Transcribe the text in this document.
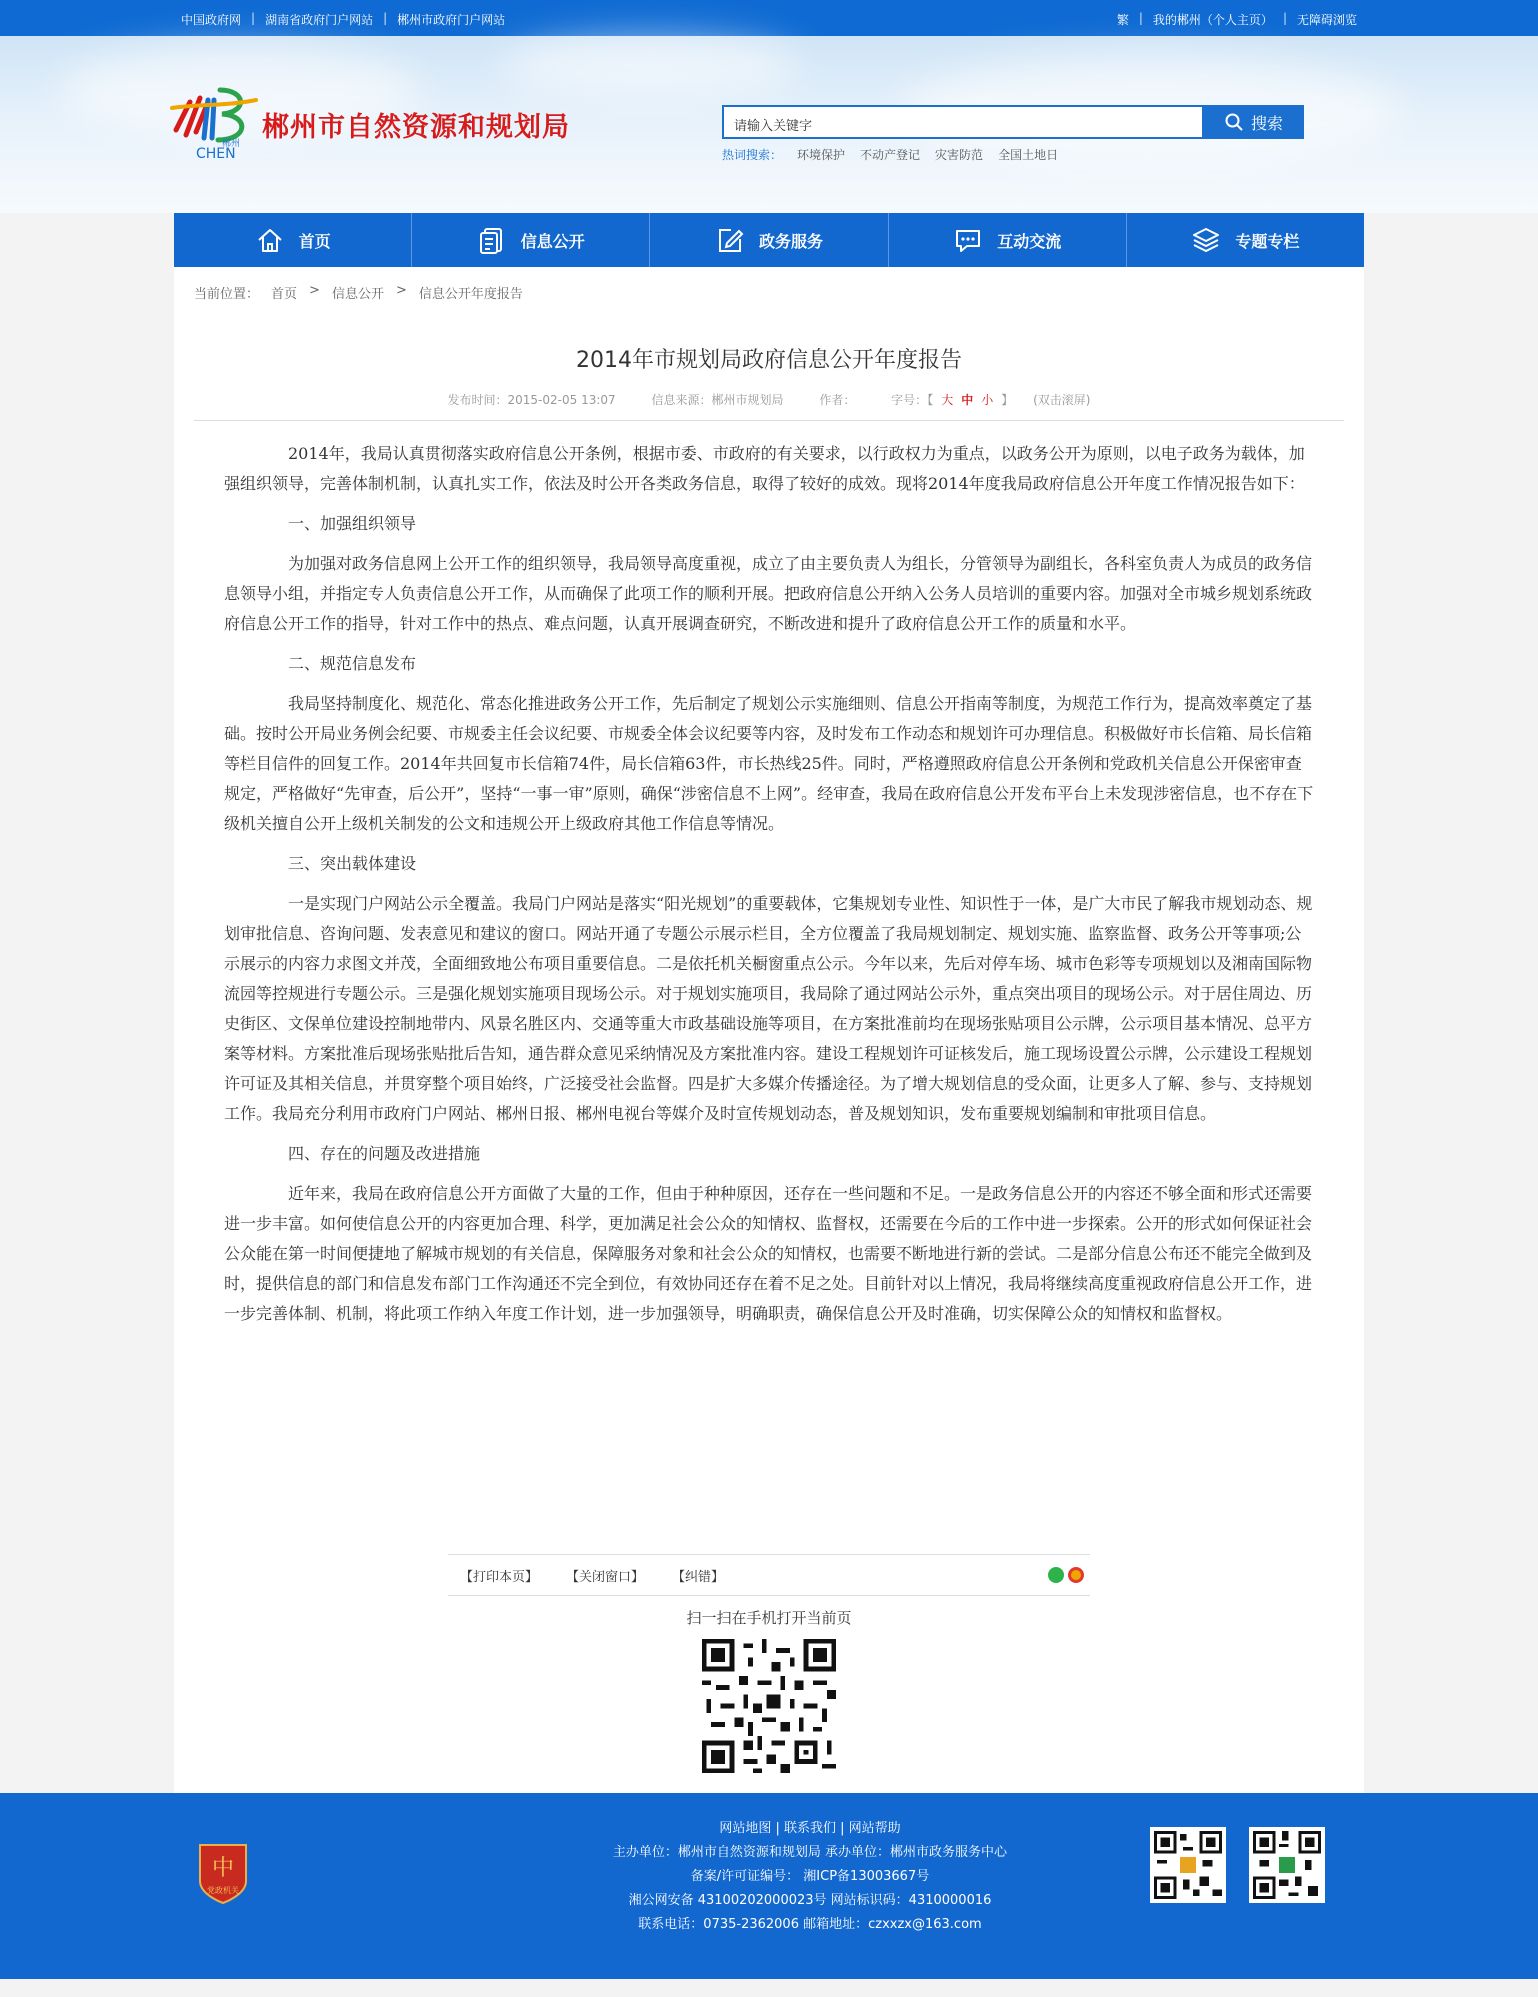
中国政府网 | 湖南省政府门户网站 | 郴州市政府门户网站	繁 | 我的郴州（个人主页） | 无障碍浏览
郴州
CHEN
郴州市自然资源和规划局	请输入关键字	搜索
热词搜索： 环境保护 不动产登记 灾害防范 全国土地日
首页	信息公开	政务服务	互动交流	专题专栏
当前位置： 首页 > 信息公开 > 信息公开年度报告
2014年市规划局政府信息公开年度报告
发布时间：2015-02-05 13:07	信息来源：郴州市规划局	作者：	字号：【 大 中 小 】 (双击滚屏)

2014年，我局认真贯彻落实政府信息公开条例，根据市委、市政府的有关要求，以行政权力为重点，以政务公开为原则，以电子政务为载体，加强组织领导，完善体制机制，认真扎实工作，依法及时公开各类政务信息，取得了较好的成效。现将2014年度我局政府信息公开年度工作情况报告如下：

一、加强组织领导

为加强对政务信息网上公开工作的组织领导，我局领导高度重视，成立了由主要负责人为组长，分管领导为副组长，各科室负责人为成员的政务信息领导小组，并指定专人负责信息公开工作，从而确保了此项工作的顺利开展。把政府信息公开纳入公务人员培训的重要内容。加强对全市城乡规划系统政府信息公开工作的指导，针对工作中的热点、难点问题，认真开展调查研究，不断改进和提升了政府信息公开工作的质量和水平。

二、规范信息发布

我局坚持制度化、规范化、常态化推进政务公开工作，先后制定了规划公示实施细则、信息公开指南等制度，为规范工作行为，提高效率奠定了基础。按时公开局业务例会纪要、市规委主任会议纪要、市规委全体会议纪要等内容，及时发布工作动态和规划许可办理信息。积极做好市长信箱、局长信箱等栏目信件的回复工作。2014年共回复市长信箱74件，局长信箱63件，市长热线25件。同时，严格遵照政府信息公开条例和党政机关信息公开保密审查规定，严格做好“先审查，后公开”，坚持“一事一审”原则，确保“涉密信息不上网”。经审查，我局在政府信息公开发布平台上未发现涉密信息，也不存在下级机关擅自公开上级机关制发的公文和违规公开上级政府其他工作信息等情况。

三、突出载体建设

一是实现门户网站公示全覆盖。我局门户网站是落实“阳光规划”的重要载体，它集规划专业性、知识性于一体，是广大市民了解我市规划动态、规划审批信息、咨询问题、发表意见和建议的窗口。网站开通了专题公示展示栏目，全方位覆盖了我局规划制定、规划实施、监察监督、政务公开等事项;公示展示的内容力求图文并茂，全面细致地公布项目重要信息。二是依托机关橱窗重点公示。今年以来，先后对停车场、城市色彩等专项规划以及湘南国际物流园等控规进行专题公示。三是强化规划实施项目现场公示。对于规划实施项目，我局除了通过网站公示外，重点突出项目的现场公示。对于居住周边、历史街区、文保单位建设控制地带内、风景名胜区内、交通等重大市政基础设施等项目，在方案批准前均在现场张贴项目公示牌，公示项目基本情况、总平方案等材料。方案批准后现场张贴批后告知，通告群众意见采纳情况及方案批准内容。建设工程规划许可证核发后，施工现场设置公示牌，公示建设工程规划许可证及其相关信息，并贯穿整个项目始终，广泛接受社会监督。四是扩大多媒介传播途径。为了增大规划信息的受众面，让更多人了解、参与、支持规划工作。我局充分利用市政府门户网站、郴州日报、郴州电视台等媒介及时宣传规划动态，普及规划知识，发布重要规划编制和审批项目信息。

四、存在的问题及改进措施

近年来，我局在政府信息公开方面做了大量的工作，但由于种种原因，还存在一些问题和不足。一是政务信息公开的内容还不够全面和形式还需要进一步丰富。如何使信息公开的内容更加合理、科学，更加满足社会公众的知情权、监督权，还需要在今后的工作中进一步探索。公开的形式如何保证社会公众能在第一时间便捷地了解城市规划的有关信息，保障服务对象和社会公众的知情权，也需要不断地进行新的尝试。二是部分信息公布还不能完全做到及时，提供信息的部门和信息发布部门工作沟通还不完全到位，有效协同还存在着不足之处。目前针对以上情况，我局将继续高度重视政府信息公开工作，进一步完善体制、机制，将此项工作纳入年度工作计划，进一步加强领导，明确职责，确保信息公开及时准确，切实保障公众的知情权和监督权。

【打印本页】 【关闭窗口】 【纠错】
扫一扫在手机打开当前页
中
党政机关
网站地图 | 联系我们 | 网站帮助
主办单位：郴州市自然资源和规划局 承办单位：郴州市政务服务中心
备案/许可证编号： 湘ICP备13003667号
湘公网安备 43100202000023号 网站标识码：4310000016
联系电话：0735-2362006 邮箱地址：czxxzx@163.com
